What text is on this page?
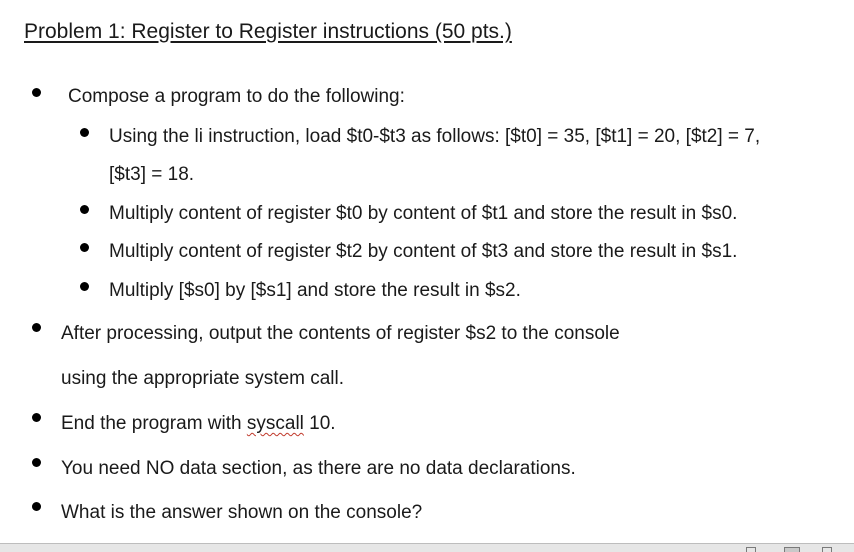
Problem 1: Register to Register instructions (50 pts.)
Compose a program to do the following:
Using the li instruction, load $t0-$t3 as follows: [$t0] = 35, [$t1] = 20, [$t2] = 7,
[$t3] = 18.
Multiply content of register $t0 by content of $t1 and store the result in $s0.
Multiply content of register $t2 by content of $t3 and store the result in $s1.
Multiply [$s0] by [$s1] and store the result in $s2.
After processing, output the contents of register $s2 to the console
using the appropriate system call.
End the program with syscall 10.
You need NO data section, as there are no data declarations.
What is the answer shown on the console?
